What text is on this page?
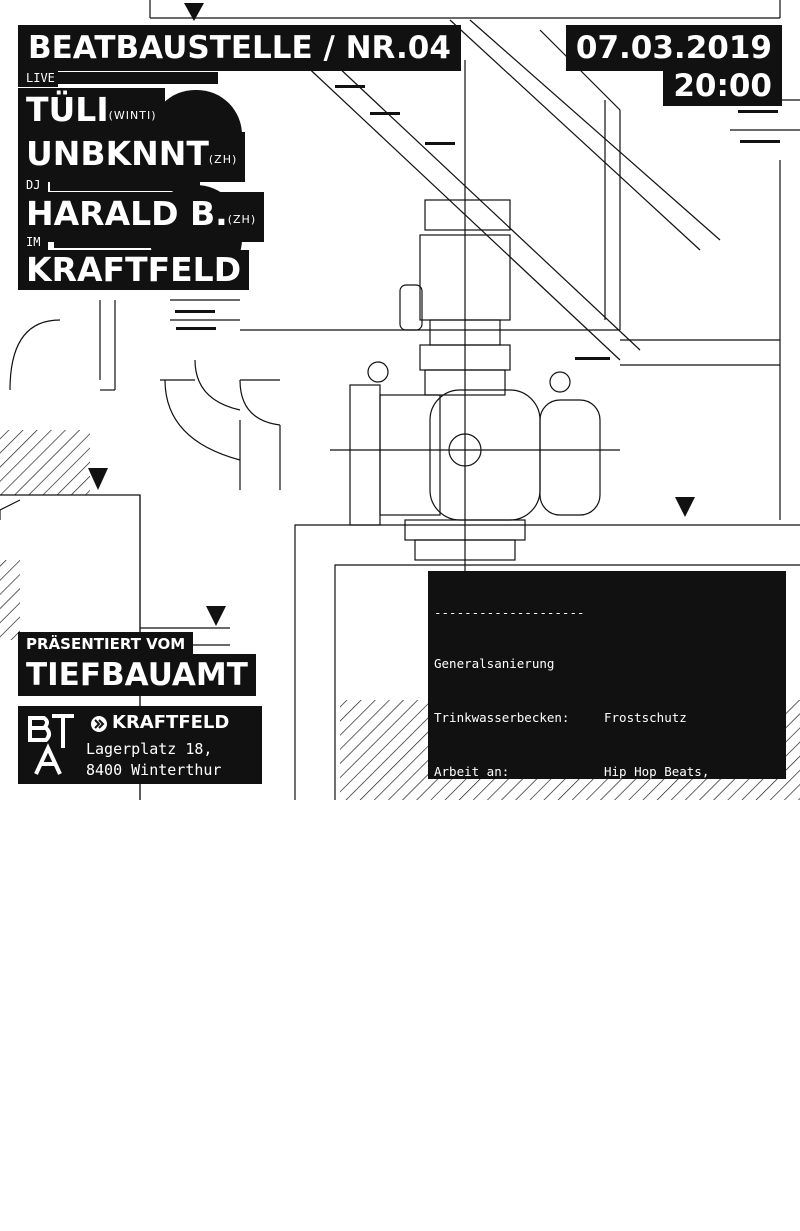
BEATBAUSTELLE / NR.04	07.03.2019
20:00
LIVE
TÜLI(WINTI)
UNBKNNT(ZH)
DJ
HARALD B.(ZH)
IM
KRAFTFELD
PRÄSENTIERT VOM
TIEFBAUAMT
KRAFTFELD
Lagerplatz 18,
8400 Winterthur

--------------------

Generalsanierung

Trinkwasserbecken:	Frostschutz

Arbeit an:	Hip Hop Beats,

LoFi Hip Hop

Bauzeit:	März 2019 / Live: 21:00

Beteiligte Werke:	Kraftfeld

Unternehmer:	Tiefbauamt

Einschränkungen:	Kein Zugang zu Trink-

wasser. Provisorium

an der Bar.

--------------------
